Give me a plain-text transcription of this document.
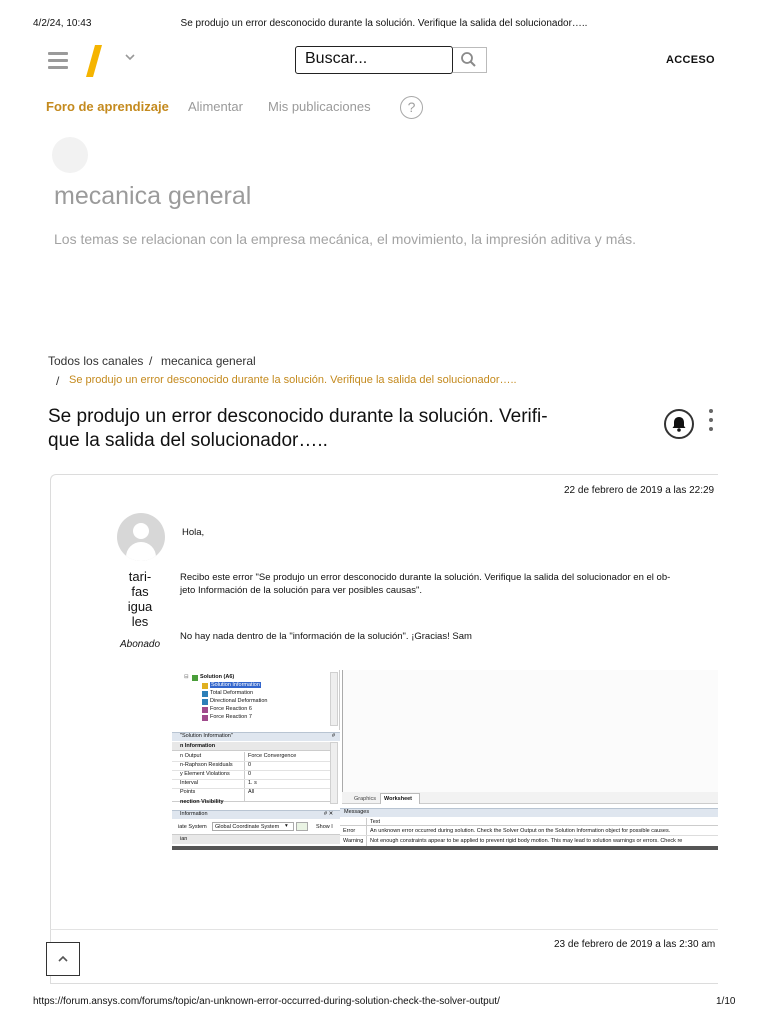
4/2/24, 10:43	Se produjo un error desconocido durante la solución. Verifique la salida del solucionador…..
Buscar...	ACCESO
Foro de aprendizaje Alimentar Mis publicaciones	?
mecanica general
Los temas se relacionan con la empresa mecánica, el movimiento, la impresión aditiva y más.
Todos los canales / mecanica general
/ Se produjo un error desconocido durante la solución. Verifique la salida del solucionador…..
Se produjo un error desconocido durante la solución. Verifi-
que la salida del solucionador…..
22 de febrero de 2019 a las 22:29
tari-
fas
igua
les
Abonado
Hola,
Recibo este error "Se produjo un error desconocido durante la solución. Verifique la salida del solucionador en el ob-
jeto Información de la solución para ver posibles causas".
No hay nada dentro de la "información de la solución". ¡Gracias! Sam
⊟ Solution (A6)
Solution Information
Total Deformation
Directional Deformation
Force Reaction 6
Force Reaction 7
"Solution Information"	#
n Information
n Output	Force Convergence
n-Raphson Residuals	0
y Element Violations	0
Interval	1. s
Points	All
nection Visibility
Information	# ✕
iate System Global Coordinate System ▾	Show I
ian
Graphics Worksheet
Messages
Text
Error	An unknown error occurred during solution. Check the Solver Output on the Solution Information object for possible causes.
Warning Not enough constraints appear to be applied to prevent rigid body motion. This may lead to solution warnings or errors. Check re
23 de febrero de 2019 a las 2:30 am
https://forum.ansys.com/forums/topic/an-unknown-error-occurred-during-solution-check-the-solver-output/	1/10
